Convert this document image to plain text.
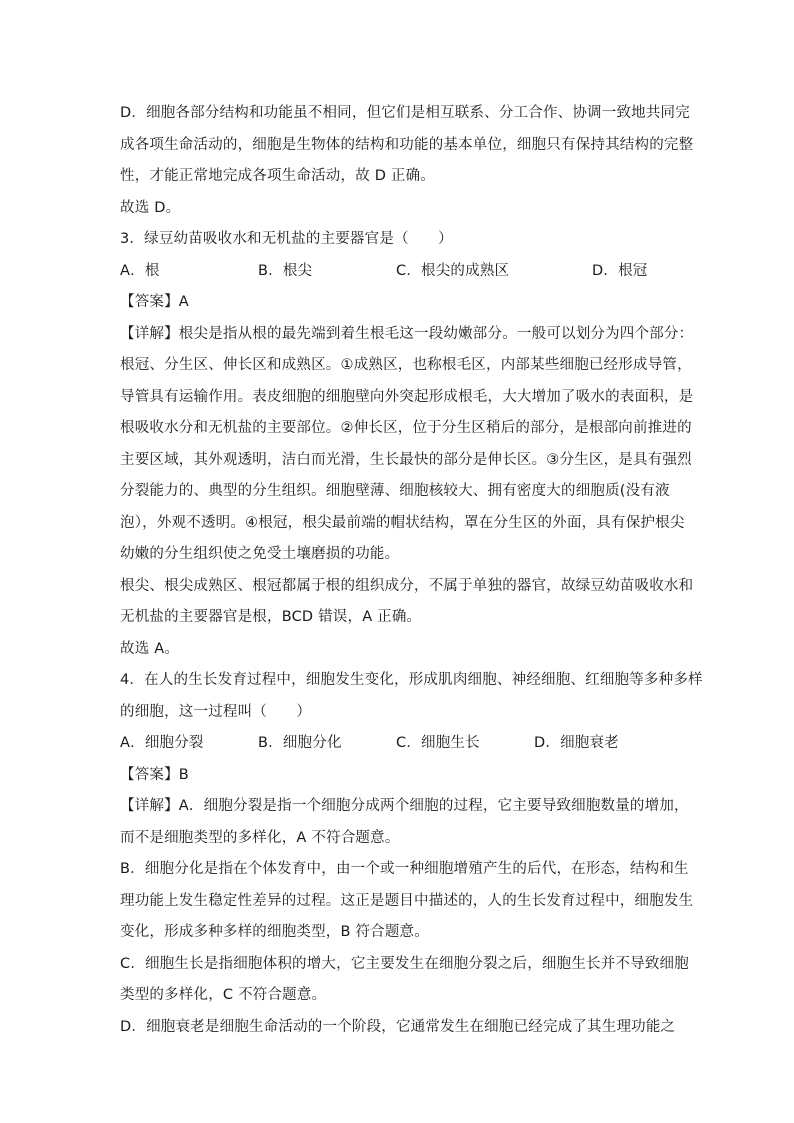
D．细胞各部分结构和功能虽不相同，但它们是相互联系、分工合作、协调一致地共同完
成各项生命活动的，细胞是生物体的结构和功能的基本单位，细胞只有保持其结构的完整
性，才能正常地完成各项生命活动，故 D 正确。
故选 D。
3．绿豆幼苗吸收水和无机盐的主要器官是（　　）
A．根	B．根尖	C．根尖的成熟区	D．根冠
【答案】A
【详解】根尖是指从根的最先端到着生根毛这一段幼嫩部分。一般可以划分为四个部分：
根冠、分生区、伸长区和成熟区。①成熟区，也称根毛区，内部某些细胞已经形成导管，
导管具有运输作用。表皮细胞的细胞壁向外突起形成根毛，大大增加了吸水的表面积，是
根吸收水分和无机盐的主要部位。②伸长区，位于分生区稍后的部分，是根部向前推进的
主要区域，其外观透明，洁白而光滑，生长最快的部分是伸长区。③分生区，是具有强烈
分裂能力的、典型的分生组织。细胞壁薄、细胞核较大、拥有密度大的细胞质(没有液
泡），外观不透明。④根冠，根尖最前端的帽状结构，罩在分生区的外面，具有保护根尖
幼嫩的分生组织使之免受土壤磨损的功能。
根尖、根尖成熟区、根冠都属于根的组织成分，不属于单独的器官，故绿豆幼苗吸收水和
无机盐的主要器官是根，BCD 错误，A 正确。
故选 A。
4．在人的生长发育过程中，细胞发生变化，形成肌肉细胞、神经细胞、红细胞等多种多样
的细胞，这一过程叫（　　）
A．细胞分裂	B．细胞分化	C．细胞生长	D．细胞衰老
【答案】B
【详解】A．细胞分裂是指一个细胞分成两个细胞的过程，它主要导致细胞数量的增加，
而不是细胞类型的多样化，A 不符合题意。
B．细胞分化是指在个体发育中，由一个或一种细胞增殖产生的后代，在形态，结构和生
理功能上发生稳定性差异的过程。这正是题目中描述的，人的生长发育过程中，细胞发生
变化，形成多种多样的细胞类型，B 符合题意。
C．细胞生长是指细胞体积的增大，它主要发生在细胞分裂之后，细胞生长并不导致细胞
类型的多样化，C 不符合题意。
D．细胞衰老是细胞生命活动的一个阶段，它通常发生在细胞已经完成了其生理功能之
